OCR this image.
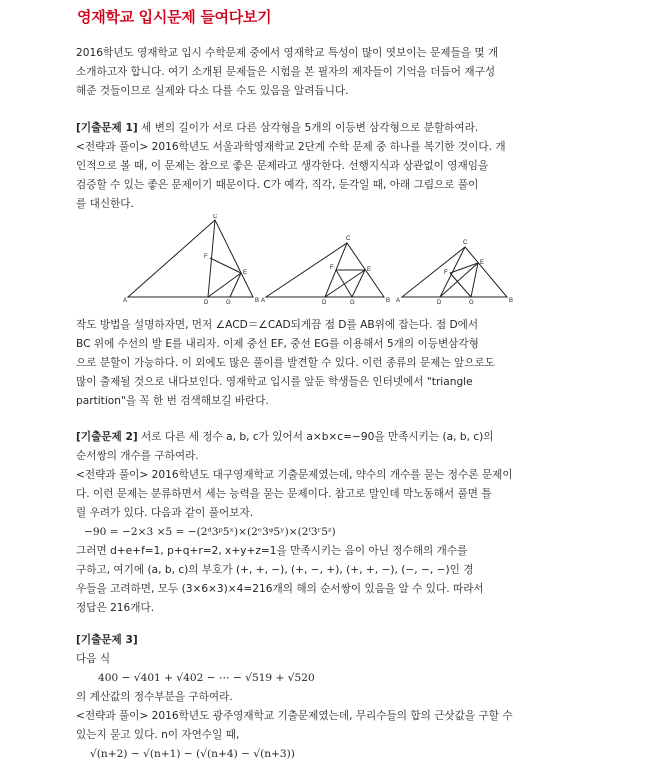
영재학교 입시문제 들여다보기
2016학년도 영재학교 입시 수학문제 중에서 영재학교 특성이 많이 엿보이는 문제들을 몇 개
소개하고자 합니다. 여기 소개된 문제들은 시험을 본 필자의 제자들이 기억을 더듬어 재구성
해준 것들이므로 실제와 다소 다를 수도 있음을 알려듭니다.
[기출문제 1] 세 변의 길이가 서로 다른 삼각형을 5개의 이등변 삼각형으로 분할하여라.
<전략과 풀이> 2016학년도 서울과학영재학교 2단계 수학 문제 중 하나를 복기한 것이다. 개
인적으로 볼 때, 이 문제는 참으로 좋은 문제라고 생각한다. 선행지식과 상관없이 영재임을
검증할 수 있는 좋은 문제이기 때문이다. C가 예각, 직각, 둔각일 때, 아래 그림으로 풀이
를 대신한다.
A
C
B
D	G
E
F
A
C
B
D	G
E
F
A
C
B
D	G
E
F
작도 방법을 설명하자면, 먼저 ∠ACD＝∠CAD되게끔 점 D를 AB위에 잡는다. 점 D에서
BC 위에 수선의 발 E를 내리자. 이제 중선 EF, 중선 EG를 이용해서 5개의 이등변삼각형
으로 분할이 가능하다. 이 외에도 많은 풀이를 발견할 수 있다. 이런 종류의 문제는 앞으로도
많이 출제될 것으로 내다보인다. 영재학교 입시를 앞둔 학생들은 인터넷에서 "triangle
partition"을 꼭 한 번 검색해보길 바란다.
[기출문제 2] 서로 다른 세 정수 a, b, c가 있어서 a×b×c=−90을 만족시키는 (a, b, c)의
순서쌍의 개수를 구하여라.
<전략과 풀이> 2016학년도 대구영재학교 기출문제였는데, 약수의 개수를 묻는 정수론 문제이
다. 이런 문제는 분류하면서 세는 능력을 묻는 문제이다. 참고로 말인데 막노동해서 풀면 틀
릴 우려가 있다. 다음과 같이 풀어보자.
−90 = −2×3 ×5 = −(2ᵈ3ᵖ5ˣ)×(2ᵉ3ᵠ5ʸ)×(2ᶠ3ʳ5ᶻ)
그러면 d+e+f=1, p+q+r=2, x+y+z=1을 만족시키는 음이 아닌 정수해의 개수를
구하고, 여기에 (a, b, c)의 부호가 (+, +, −), (+, −, +), (+, +, −), (−, −, −)인 경
우들을 고려하면, 모두 (3×6×3)×4=216개의 해의 순서쌍이 있음을 알 수 있다. 따라서
정답은 216개다.
[기출문제 3]
다음 식
400 − √401 + √402 − ⋯ − √519 + √520
의 계산값의 정수부분을 구하여라.
<전략과 풀이> 2016학년도 광주영재학교 기출문제였는데, 무리수들의 합의 근삿값을 구할 수
있는지 묻고 있다. n이 자연수일 때,
√(n+2) − √(n+1) − (√(n+4) − √(n+3))
